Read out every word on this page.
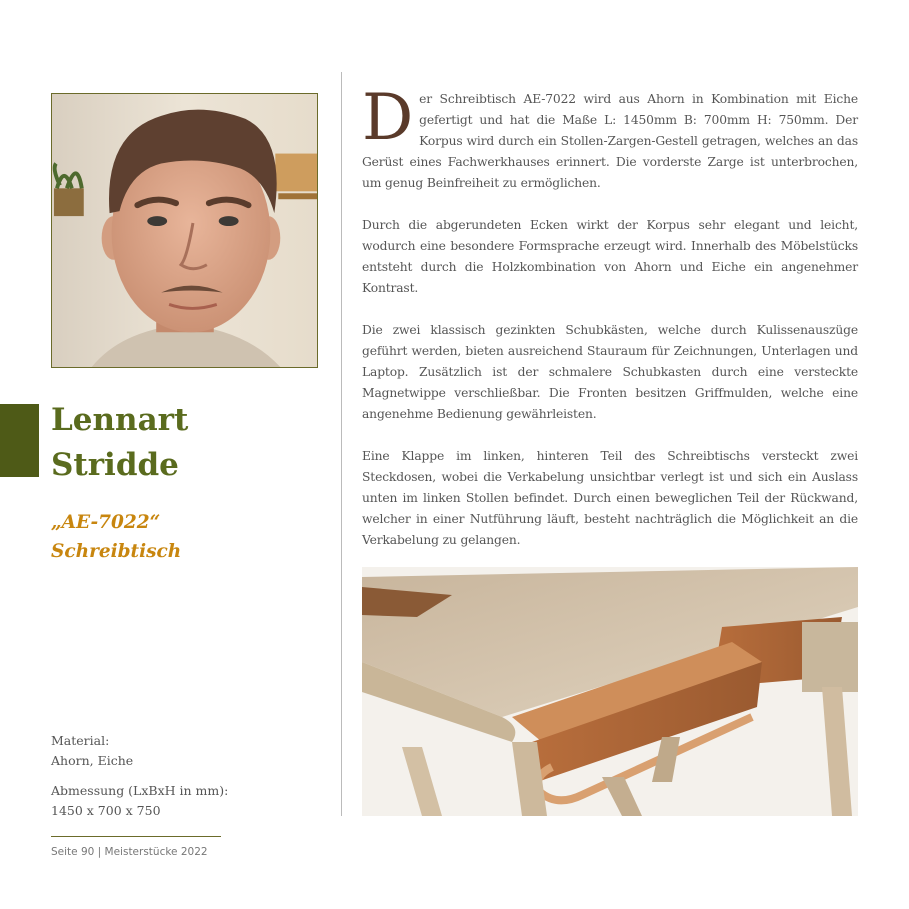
Lennart
Stridde
„AE-7022“
Schreibtisch
Material:
Ahorn, Eiche
Abmessung (LxBxH in mm):
1450 x 700 x 750
Seite 90 | Meisterstücke 2022

Der Schreibtisch AE-7022 wird aus Ahorn in Kombination mit Eiche gefertigt und hat die Maße L: 1450mm B: 700mm H: 750mm. Der Korpus wird durch ein Stollen-Zargen-Gestell getragen, welches an das Gerüst eines Fachwerkhauses erinnert. Die vorderste Zarge ist unterbrochen, um genug Beinfreiheit zu ermöglichen.

Durch die abgerundeten Ecken wirkt der Korpus sehr elegant und leicht, wodurch eine besondere Formsprache erzeugt wird. Innerhalb des Möbelstücks entsteht durch die Holzkombination von Ahorn und Eiche ein angenehmer Kontrast.

Die zwei klassisch gezinkten Schubkästen, welche durch Kulissenauszüge geführt werden, bieten ausreichend Stauraum für Zeichnungen, Unterlagen und Laptop. Zusätzlich ist der schmalere Schubkasten durch eine versteckte Magnetwippe verschließbar. Die Fronten besitzen Griffmulden, welche eine angenehme Bedienung gewährleisten.

Eine Klappe im linken, hinteren Teil des Schreibtischs versteckt zwei Steckdosen, wobei die Verkabelung unsichtbar verlegt ist und sich ein Auslass unten im linken Stollen befindet. Durch einen beweglichen Teil der Rückwand, welcher in einer Nutführung läuft, besteht nachträglich die Möglichkeit an die Verkabelung zu gelangen.
